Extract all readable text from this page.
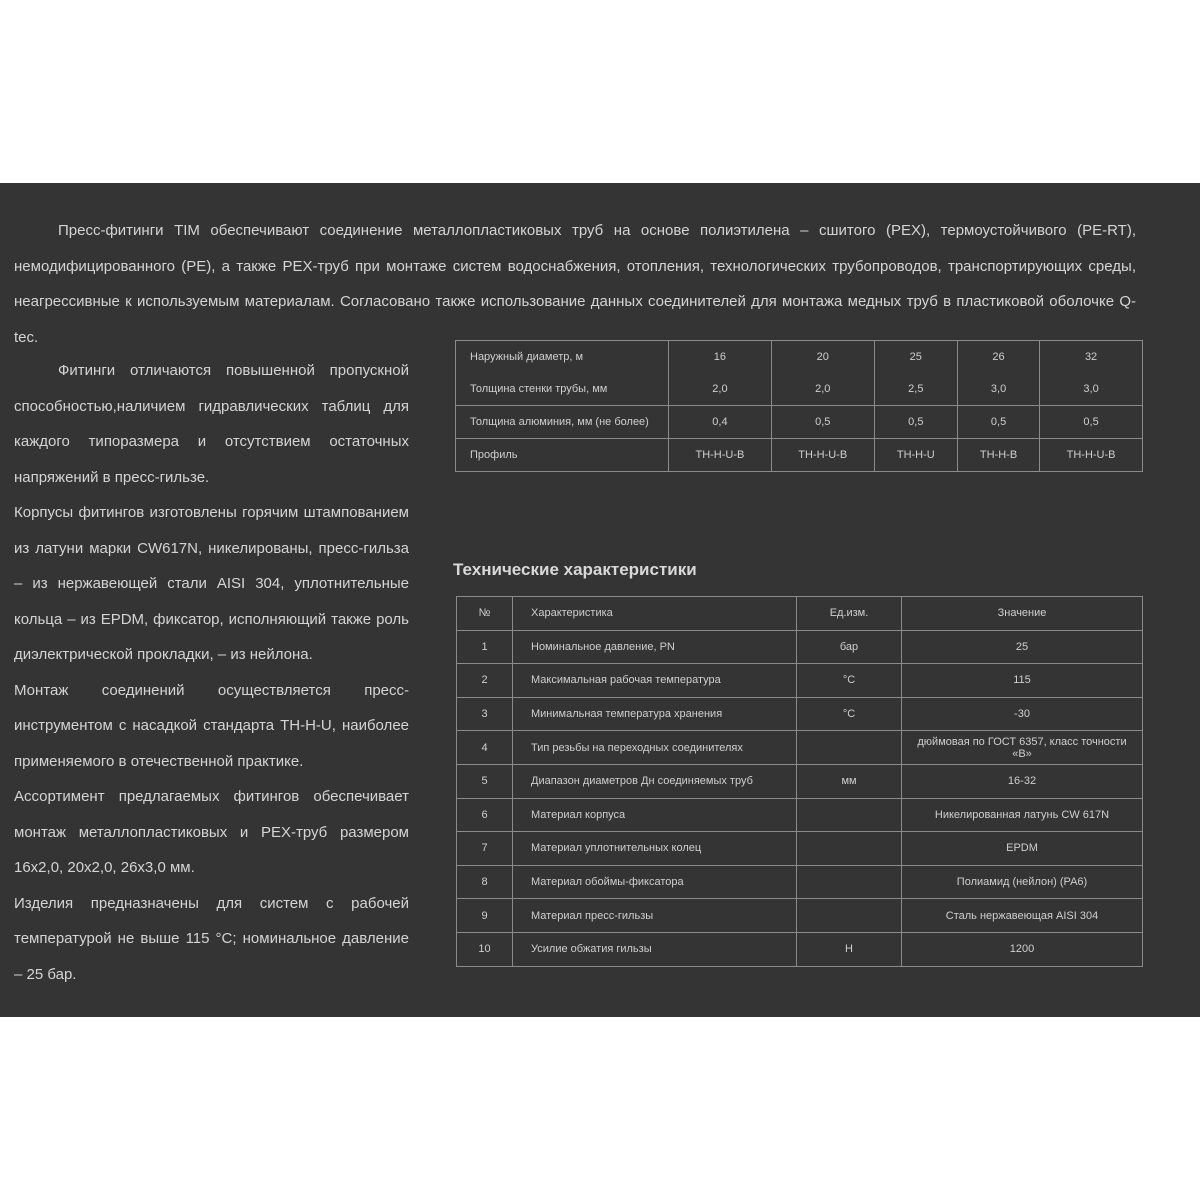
Пресс-фитинги TIM обеспечивают соединение металлопластиковых труб на основе полиэтилена – сшитого (PEX), термоустойчивого (PE-RT), немодифицированного (PE), а также PEX-труб при монтаже систем водоснабжения, отопления, технологических трубопроводов, транспортирующих среды, неагрессивные к используемым материалам. Согласовано также использование данных соединителей для монтажа медных труб в пластиковой оболочке Q-tec.

Фитинги отличаются повышенной пропускной способностью,наличием гидравлических таблиц для каждого типоразмера и отсутствием остаточных напряжений в пресс-гильзе.

Корпусы фитингов изготовлены горячим штампованием из латуни марки CW617N, никелированы, пресс-гильза – из нержавеющей стали AISI 304, уплотнительные кольца – из EPDM, фиксатор, исполняющий также роль диэлектрической прокладки, – из нейлона.

Монтаж соединений осуществляется пресс-инструментом с насадкой стандарта TH-H-U, наиболее применяемого в отечественной практике.

Ассортимент предлагаемых фитингов обеспечивает монтаж металлопластиковых и PEX-труб размером 16x2,0, 20x2,0, 26x3,0 мм.

Изделия предназначены для систем с рабочей температурой не выше 115 °С; номинальное давление – 25 бар.

Наружный диаметр, м	16	20	25	26	32
Толщина стенки трубы, мм	2,0	2,0	2,5	3,0	3,0
Толщина алюминия, мм (не более)	0,4	0,5	0,5	0,5	0,5
Профиль	TH-H-U-B	TH-H-U-B	TH-H-U	TH-H-B	TH-H-U-B
Технические характеристики
№	Характеристика	Ед.изм.	Значение
1	Номинальное давление, PN	бар	25
2	Максимальная рабочая температура	°С	115
3	Минимальная температура хранения	°С	-30
4	Тип резьбы на переходных соединителях		дюймовая по ГОСТ 6357, класс точности «B»
5	Диапазон диаметров Дн соединяемых труб	мм	16-32
6	Материал корпуса		Никелированная латунь CW 617N
7	Материал уплотнительных колец		EPDM
8	Материал обоймы-фиксатора		Полиамид (нейлон) (PA6)
9	Материал пресс-гильзы		Сталь нержавеющая AISI 304
10	Усилие обжатия гильзы	Н	1200
